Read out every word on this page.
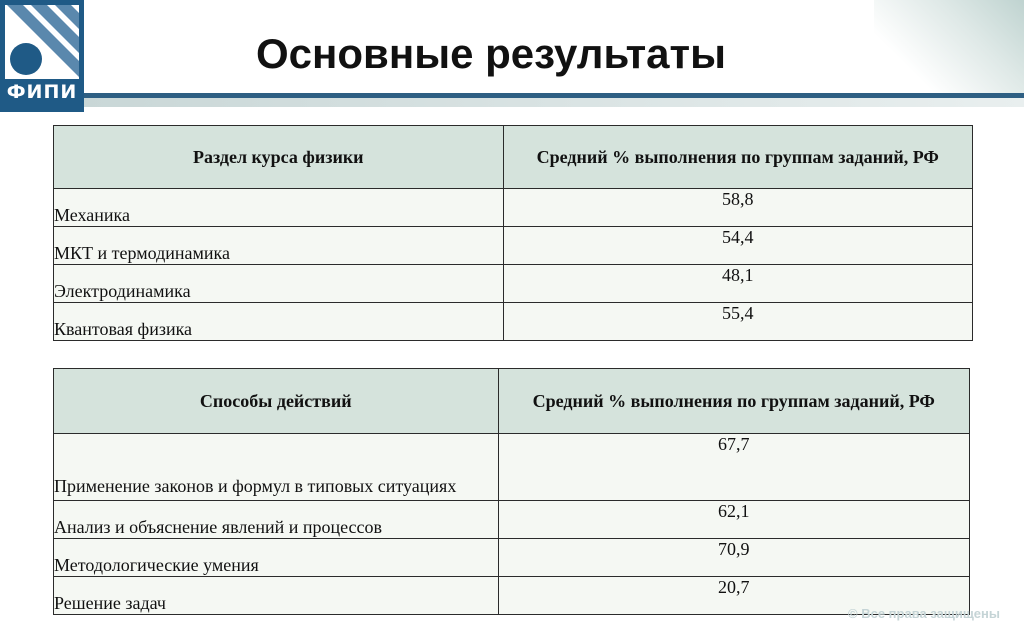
ФИПИ
Основные результаты
Раздел курса физики	Средний % выполнения по группам заданий, РФ
Механика	58,8
МКТ и термодинамика	54,4
Электродинамика	48,1
Квантовая физика	55,4
Способы действий	Средний % выполнения по группам заданий, РФ
Применение законов и формул в типовых ситуациях	67,7
Анализ и объяснение явлений и процессов	62,1
Методологические умения	70,9
Решение задач	20,7
© Все права защищены
